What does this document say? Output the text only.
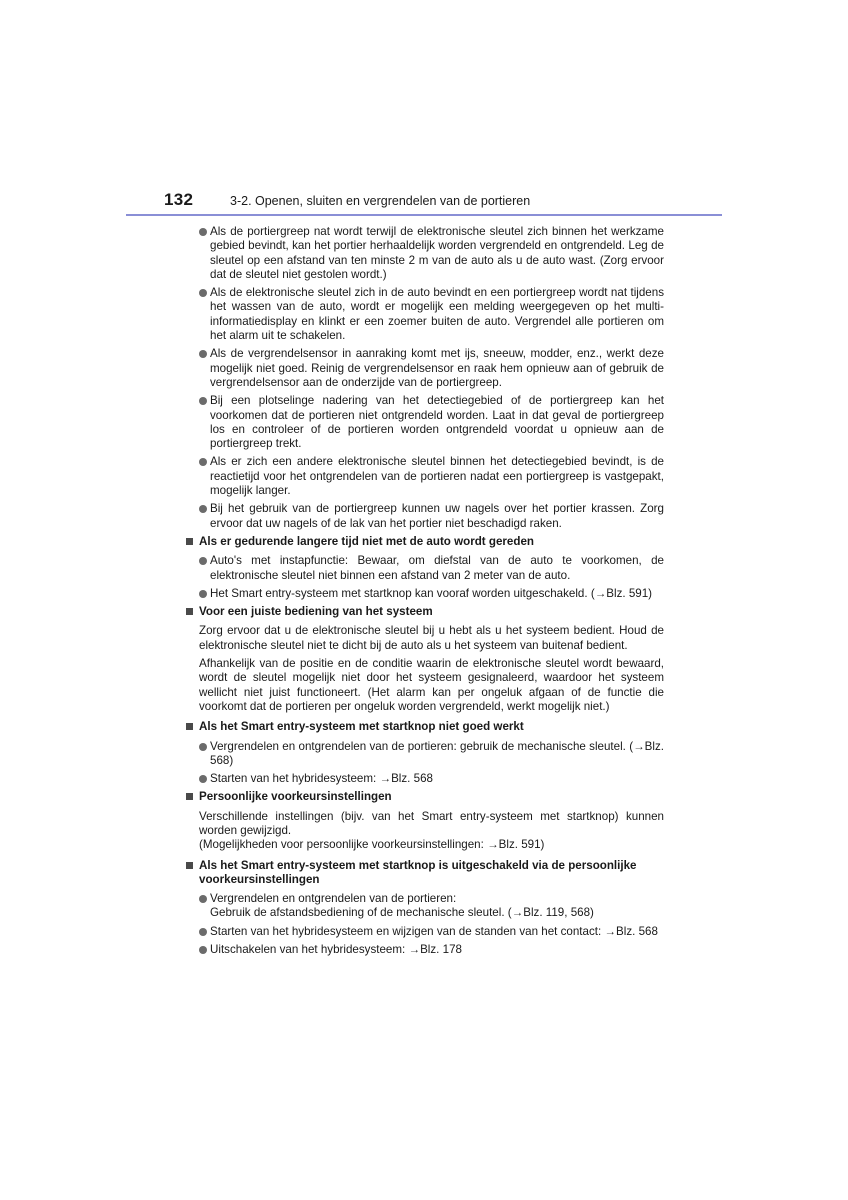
132	3-2. Openen, sluiten en vergrendelen van de portieren
Als de portiergreep nat wordt terwijl de elektronische sleutel zich binnen het werkzame gebied bevindt, kan het portier herhaaldelijk worden vergrendeld en ontgrendeld. Leg de sleutel op een afstand van ten minste 2 m van de auto als u de auto wast. (Zorg ervoor dat de sleutel niet gestolen wordt.)
Als de elektronische sleutel zich in de auto bevindt en een portiergreep wordt nat tijdens het wassen van de auto, wordt er mogelijk een melding weergegeven op het multi-informatiedisplay en klinkt er een zoemer buiten de auto. Vergrendel alle portieren om het alarm uit te schakelen.
Als de vergrendelsensor in aanraking komt met ijs, sneeuw, modder, enz., werkt deze mogelijk niet goed. Reinig de vergrendelsensor en raak hem opnieuw aan of gebruik de vergrendelsensor aan de onderzijde van de portiergreep.
Bij een plotselinge nadering van het detectiegebied of de portiergreep kan het voorkomen dat de portieren niet ontgrendeld worden. Laat in dat geval de portiergreep los en controleer of de portieren worden ontgrendeld voordat u opnieuw aan de portiergreep trekt.
Als er zich een andere elektronische sleutel binnen het detectiegebied bevindt, is de reactietijd voor het ontgrendelen van de portieren nadat een portiergreep is vastgepakt, mogelijk langer.
Bij het gebruik van de portiergreep kunnen uw nagels over het portier krassen. Zorg ervoor dat uw nagels of de lak van het portier niet beschadigd raken.
Als er gedurende langere tijd niet met de auto wordt gereden
Auto's met instapfunctie: Bewaar, om diefstal van de auto te voorkomen, de elektronische sleutel niet binnen een afstand van 2 meter van de auto.
Het Smart entry-systeem met startknop kan vooraf worden uitgeschakeld. (→Blz. 591)
Voor een juiste bediening van het systeem
Zorg ervoor dat u de elektronische sleutel bij u hebt als u het systeem bedient. Houd de elektronische sleutel niet te dicht bij de auto als u het systeem van buitenaf bedient.
Afhankelijk van de positie en de conditie waarin de elektronische sleutel wordt bewaard, wordt de sleutel mogelijk niet door het systeem gesignaleerd, waardoor het systeem wellicht niet juist functioneert. (Het alarm kan per ongeluk afgaan of de functie die voorkomt dat de portieren per ongeluk worden vergrendeld, werkt mogelijk niet.)
Als het Smart entry-systeem met startknop niet goed werkt
Vergrendelen en ontgrendelen van de portieren: gebruik de mechanische sleutel. (→Blz. 568)
Starten van het hybridesysteem: →Blz. 568
Persoonlijke voorkeursinstellingen
Verschillende instellingen (bijv. van het Smart entry-systeem met startknop) kunnen worden gewijzigd.
(Mogelijkheden voor persoonlijke voorkeursinstellingen: →Blz. 591)
Als het Smart entry-systeem met startknop is uitgeschakeld via de persoonlijke voorkeursinstellingen
Vergrendelen en ontgrendelen van de portieren:
Gebruik de afstandsbediening of de mechanische sleutel. (→Blz. 119, 568)
Starten van het hybridesysteem en wijzigen van de standen van het contact: →Blz. 568
Uitschakelen van het hybridesysteem: →Blz. 178
